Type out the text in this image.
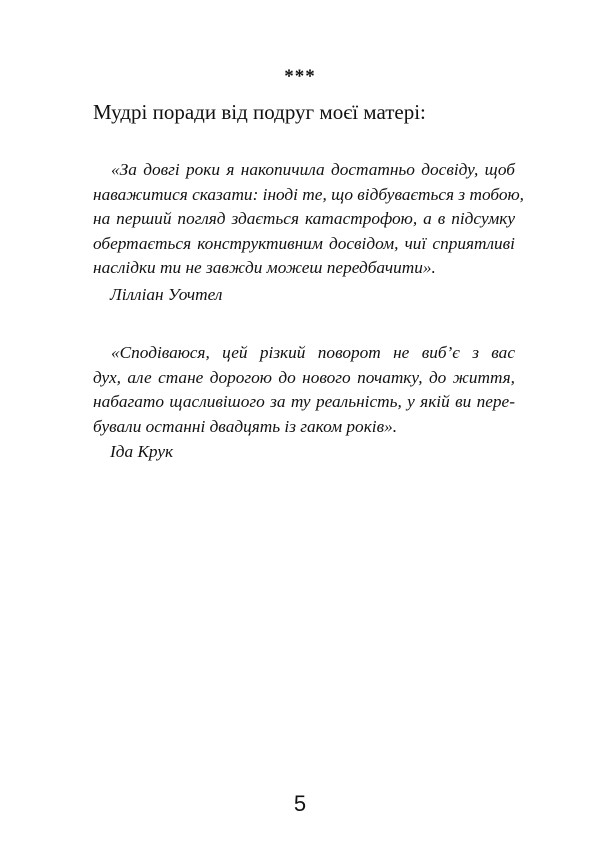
***
Мудрі поради від подруг моєї матері:

«За довгі роки я накопичила достатньо досвіду, щоб
наважитися сказати: іноді те, що відбувається з тобою,
на перший погляд здається катастрофою, а в підсумку
обертається конструктивним досвідом, чиї сприятливі
наслідки ти не завжди можеш передбачити».

Лілліан Уочтел

«Сподіваюся, цей різкий поворот не виб’є з вас
дух, але стане дорогою до нового початку, до життя,
набагато щасливішого за ту реальність, у якій ви пере-
бували останні двадцять із гаком років».

Іда Крук
5
